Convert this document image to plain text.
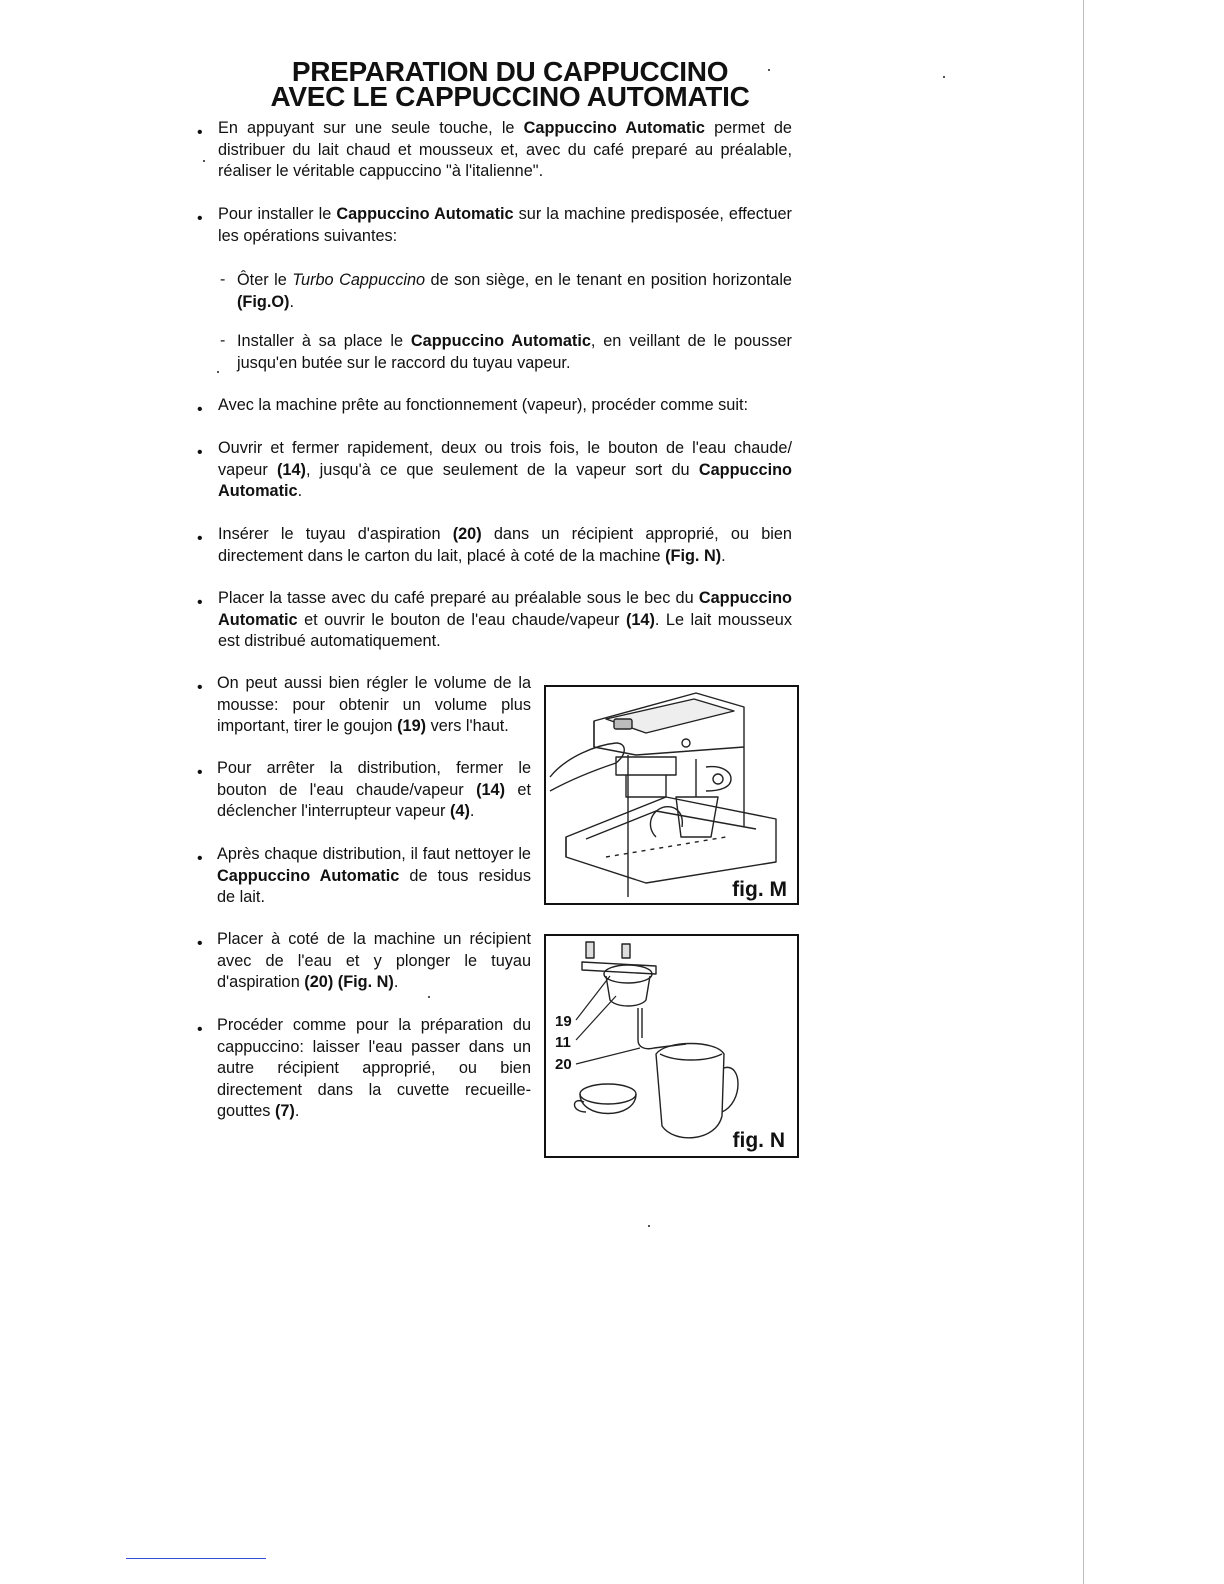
PREPARATION DU CAPPUCCINO
AVEC LE CAPPUCCINO AUTOMATIC
• En appuyant sur une seule touche, le Cappuccino Automatic permet de distribuer du lait chaud et mousseux et, avec du café preparé au préalable, réaliser le véritable cappuccino "à l'italienne".

• Pour installer le Cappuccino Automatic sur la machine predisposée, effectuer les opérations suivantes:

- Ôter le Turbo Cappuccino de son siège, en le tenant en position horizontale (Fig.O).

- Installer à sa place le Cappuccino Automatic, en veillant de le pousser jusqu'en butée sur le raccord du tuyau vapeur.

• Avec la machine prête au fonctionnement (vapeur), procéder comme suit:

• Ouvrir et fermer rapidement, deux ou trois fois, le bouton de l'eau chaude/ vapeur (14), jusqu'à ce que seulement de la vapeur sort du Cappuccino Automatic.

• Insérer le tuyau d'aspiration (20) dans un récipient approprié, ou bien directement dans le carton du lait, placé à coté de la machine (Fig. N).

• Placer la tasse avec du café preparé au préalable sous le bec du Cappuccino Automatic et ouvrir le bouton de l'eau chaude/vapeur (14). Le lait mousseux est distribué automatiquement.

• On peut aussi bien régler le volume de la mousse: pour obtenir un volume plus important, tirer le goujon (19) vers l'haut.

• Pour arrêter la distribution, fermer le bouton de l'eau chaude/vapeur (14) et déclencher l'interrupteur vapeur (4).

• Après chaque distribution, il faut nettoyer le Cappuccino Automatic de tous residus de lait.

• Placer à coté de la machine un récipient avec de l'eau et y plonger le tuyau d'aspiration (20) (Fig. N).

• Procéder comme pour la préparation du cappuccino: laisser l'eau passer dans un autre récipient approprié, ou bien directement dans la cuvette recueille-gouttes (7).

fig. M
19
11
20
fig. N
